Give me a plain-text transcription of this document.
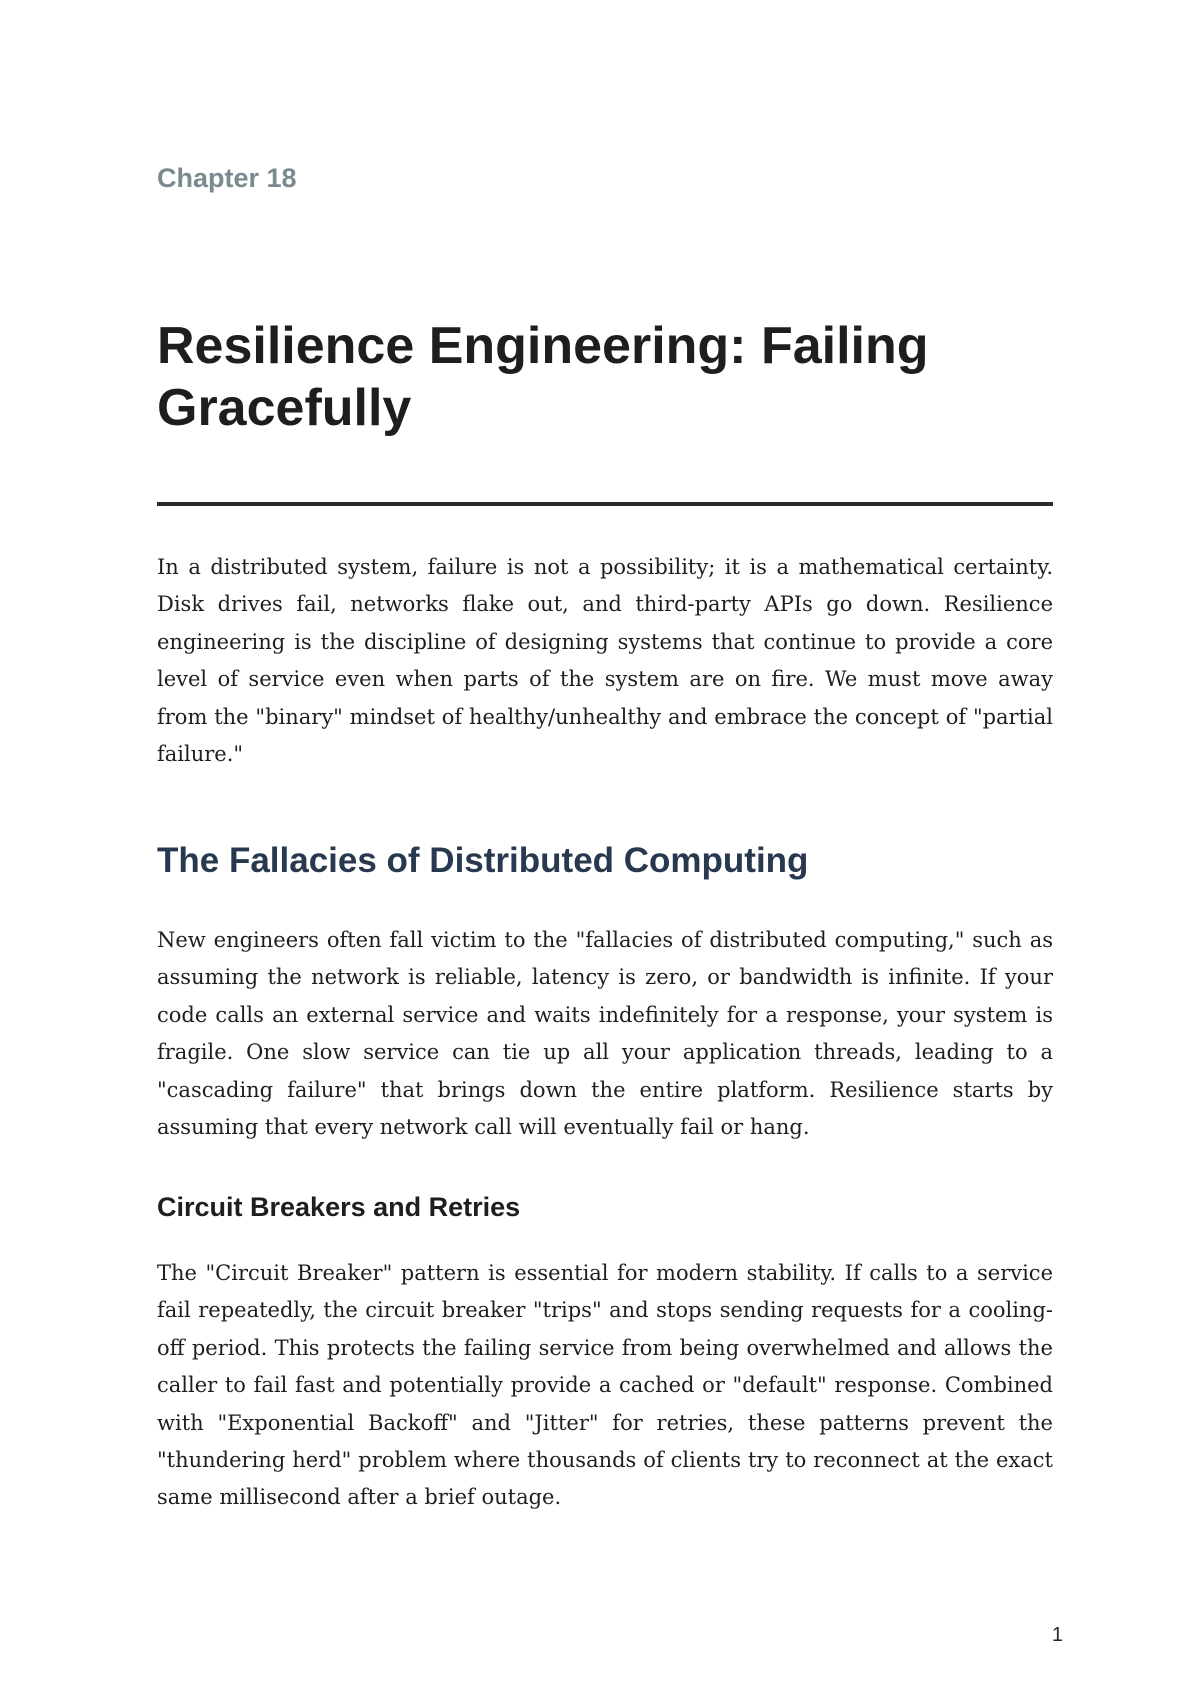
Chapter 18

Resilience Engineering: Failing Gracefully

In a distributed system, failure is not a possibility; it is a mathematical certainty. Disk drives fail, networks flake out, and third-party APIs go down. Resilience engineering is the discipline of designing systems that continue to provide a core level of service even when parts of the system are on fire. We must move away from the "binary" mindset of healthy/unhealthy and embrace the concept of "partial failure."

The Fallacies of Distributed Computing

New engineers often fall victim to the "fallacies of distributed computing," such as assuming the network is reliable, latency is zero, or bandwidth is infinite. If your code calls an external service and waits indefinitely for a response, your system is fragile. One slow service can tie up all your application threads, leading to a "cascading failure" that brings down the entire platform. Resilience starts by assuming that every network call will eventually fail or hang.

Circuit Breakers and Retries

The "Circuit Breaker" pattern is essential for modern stability. If calls to a service fail repeatedly, the circuit breaker "trips" and stops sending requests for a cooling-off period. This protects the failing service from being overwhelmed and allows the caller to fail fast and potentially provide a cached or "default" response. Combined with "Exponential Backoff" and "Jitter" for retries, these patterns prevent the "thundering herd" problem where thousands of clients try to reconnect at the exact same millisecond after a brief outage.

1
